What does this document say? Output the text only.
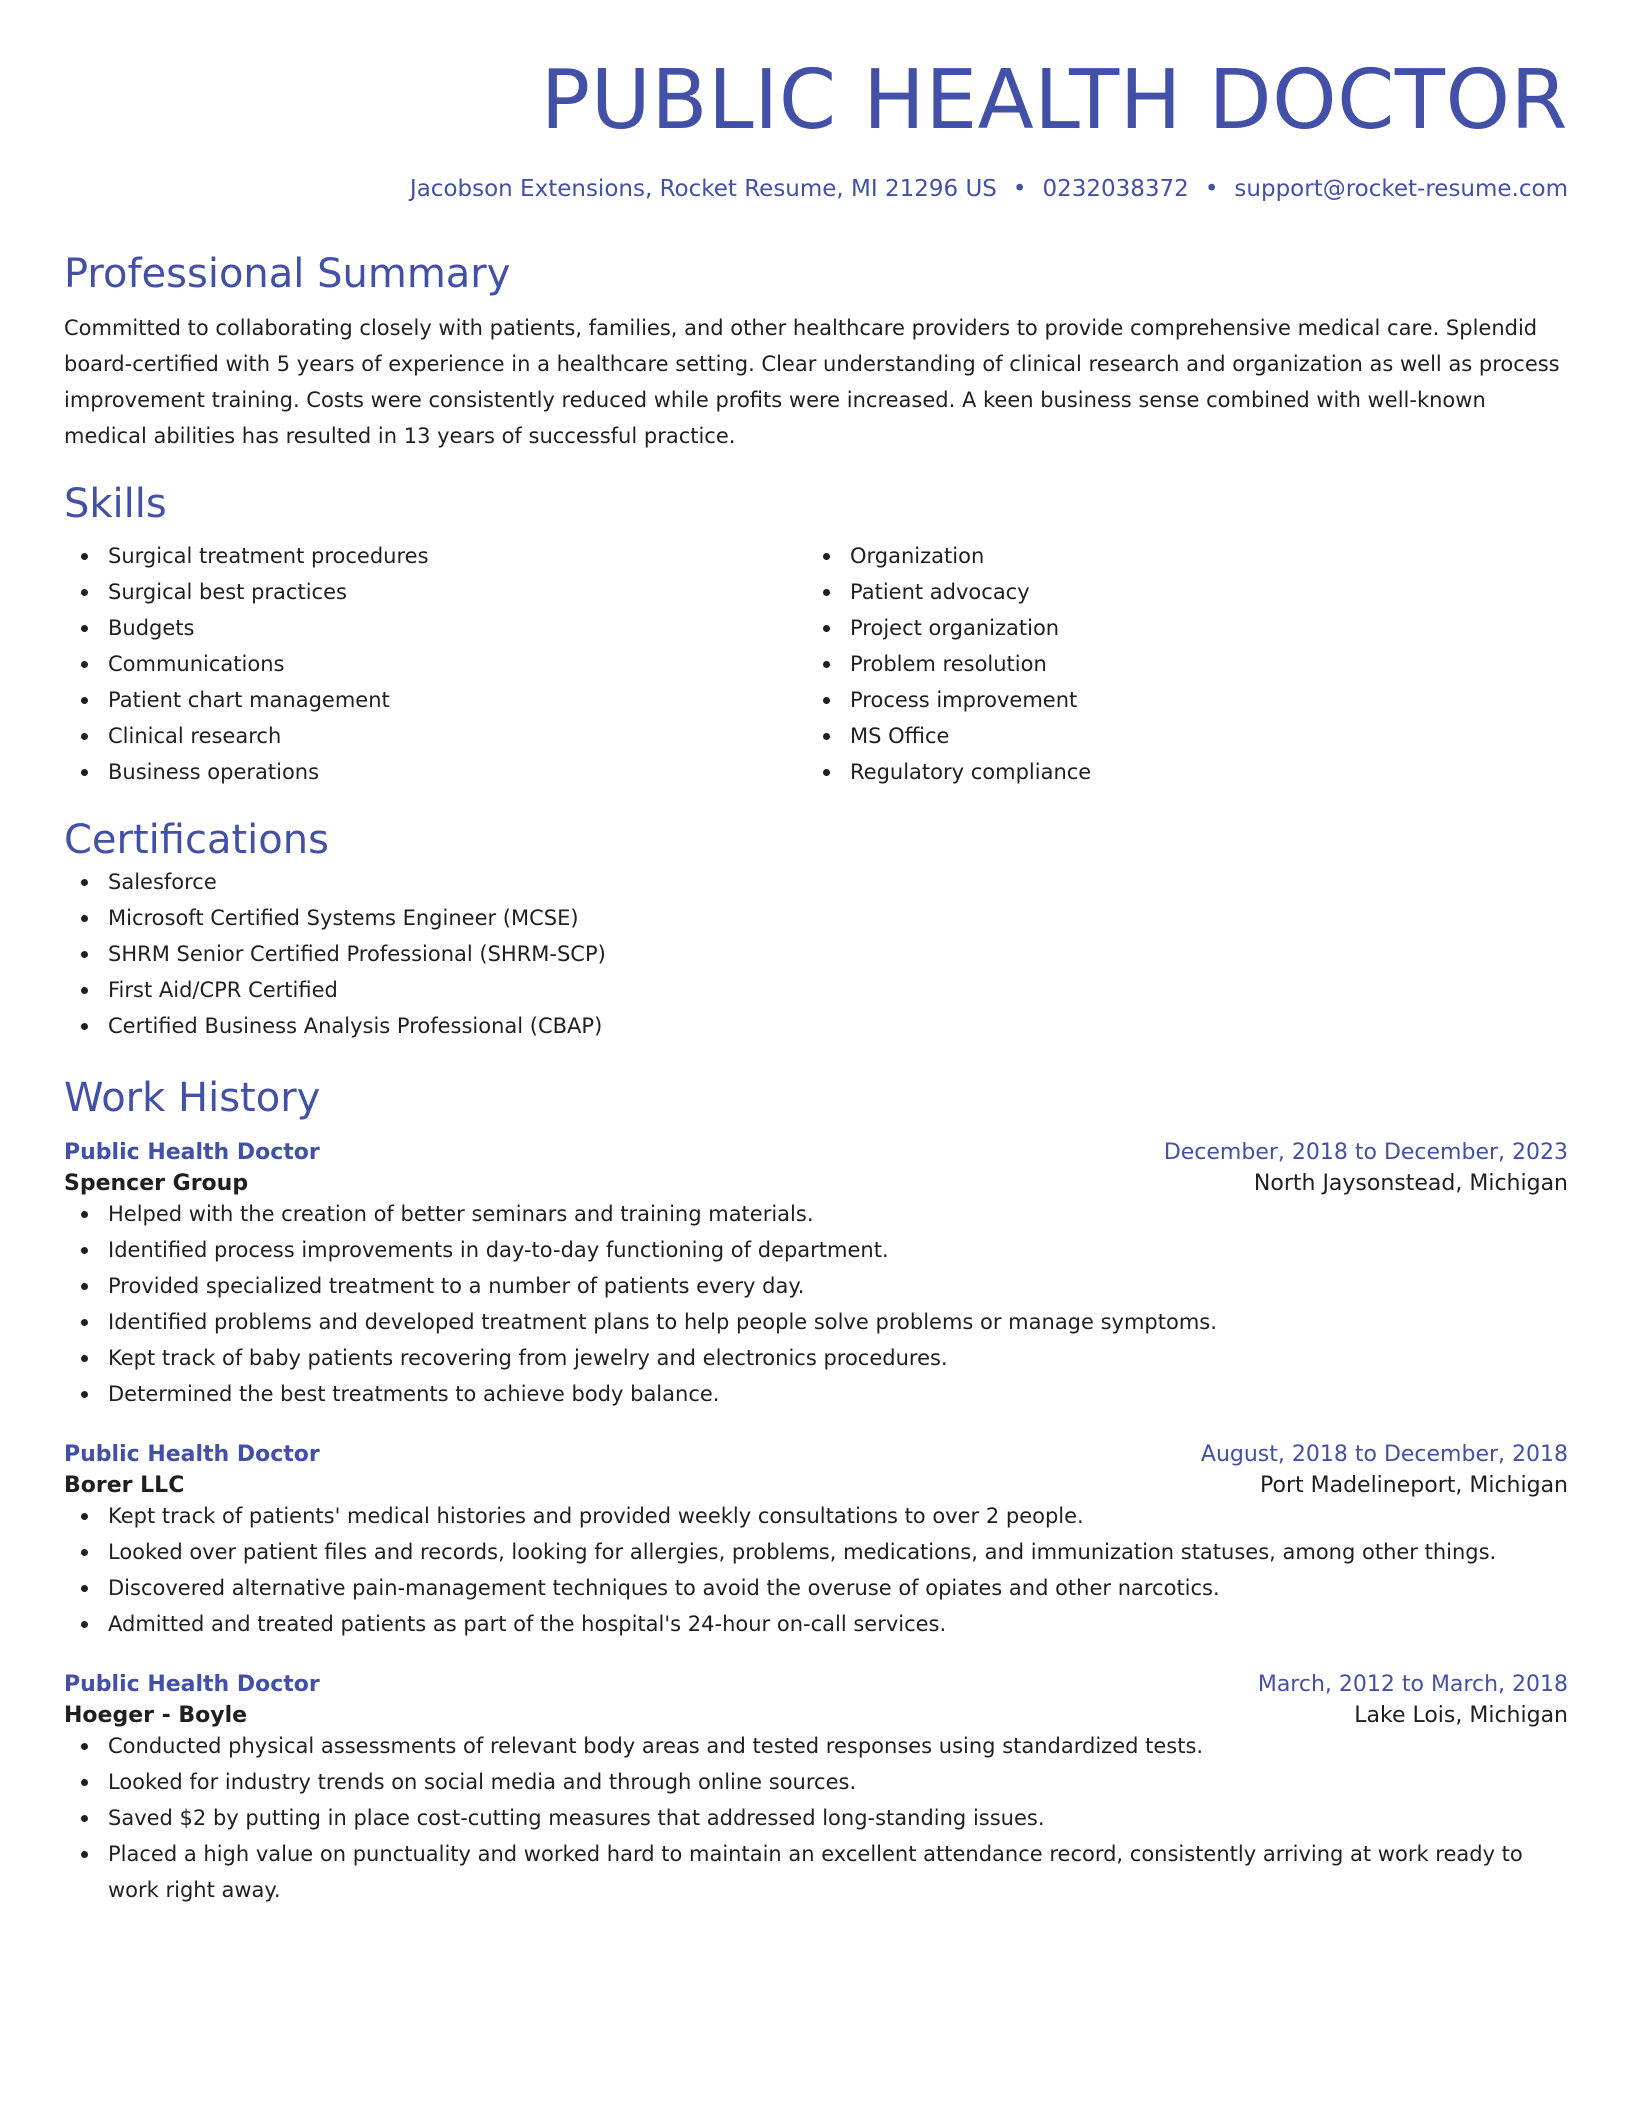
PUBLIC HEALTH DOCTOR
Jacobson Extensions, Rocket Resume, MI 21296 US • 0232038372 • support@rocket-resume.com
Professional Summary

Committed to collaborating closely with patients, families, and other healthcare providers to provide comprehensive medical care. Splendid board-certified with 5 years of experience in a healthcare setting. Clear understanding of clinical research and organization as well as process improvement training. Costs were consistently reduced while profits were increased. A keen business sense combined with well-known medical abilities has resulted in 13 years of successful practice.

Skills
Surgical treatment procedures
Surgical best practices
Budgets
Communications
Patient chart management
Clinical research
Business operations
Organization
Patient advocacy
Project organization
Problem resolution
Process improvement
MS Office
Regulatory compliance
Certifications
Salesforce
Microsoft Certified Systems Engineer (MCSE)
SHRM Senior Certified Professional (SHRM-SCP)
First Aid/CPR Certified
Certified Business Analysis Professional (CBAP)
Work History
Public Health Doctor	December, 2018 to December, 2023
Spencer Group	North Jaysonstead, Michigan
Helped with the creation of better seminars and training materials.
Identified process improvements in day-to-day functioning of department.
Provided specialized treatment to a number of patients every day.
Identified problems and developed treatment plans to help people solve problems or manage symptoms.
Kept track of baby patients recovering from jewelry and electronics procedures.
Determined the best treatments to achieve body balance.
Public Health Doctor	August, 2018 to December, 2018
Borer LLC	Port Madelineport, Michigan
Kept track of patients' medical histories and provided weekly consultations to over 2 people.
Looked over patient files and records, looking for allergies, problems, medications, and immunization statuses, among other things.
Discovered alternative pain-management techniques to avoid the overuse of opiates and other narcotics.
Admitted and treated patients as part of the hospital's 24-hour on-call services.
Public Health Doctor	March, 2012 to March, 2018
Hoeger - Boyle	Lake Lois, Michigan
Conducted physical assessments of relevant body areas and tested responses using standardized tests.
Looked for industry trends on social media and through online sources.
Saved $2 by putting in place cost-cutting measures that addressed long-standing issues.
Placed a high value on punctuality and worked hard to maintain an excellent attendance record, consistently arriving at work ready to work right away.
